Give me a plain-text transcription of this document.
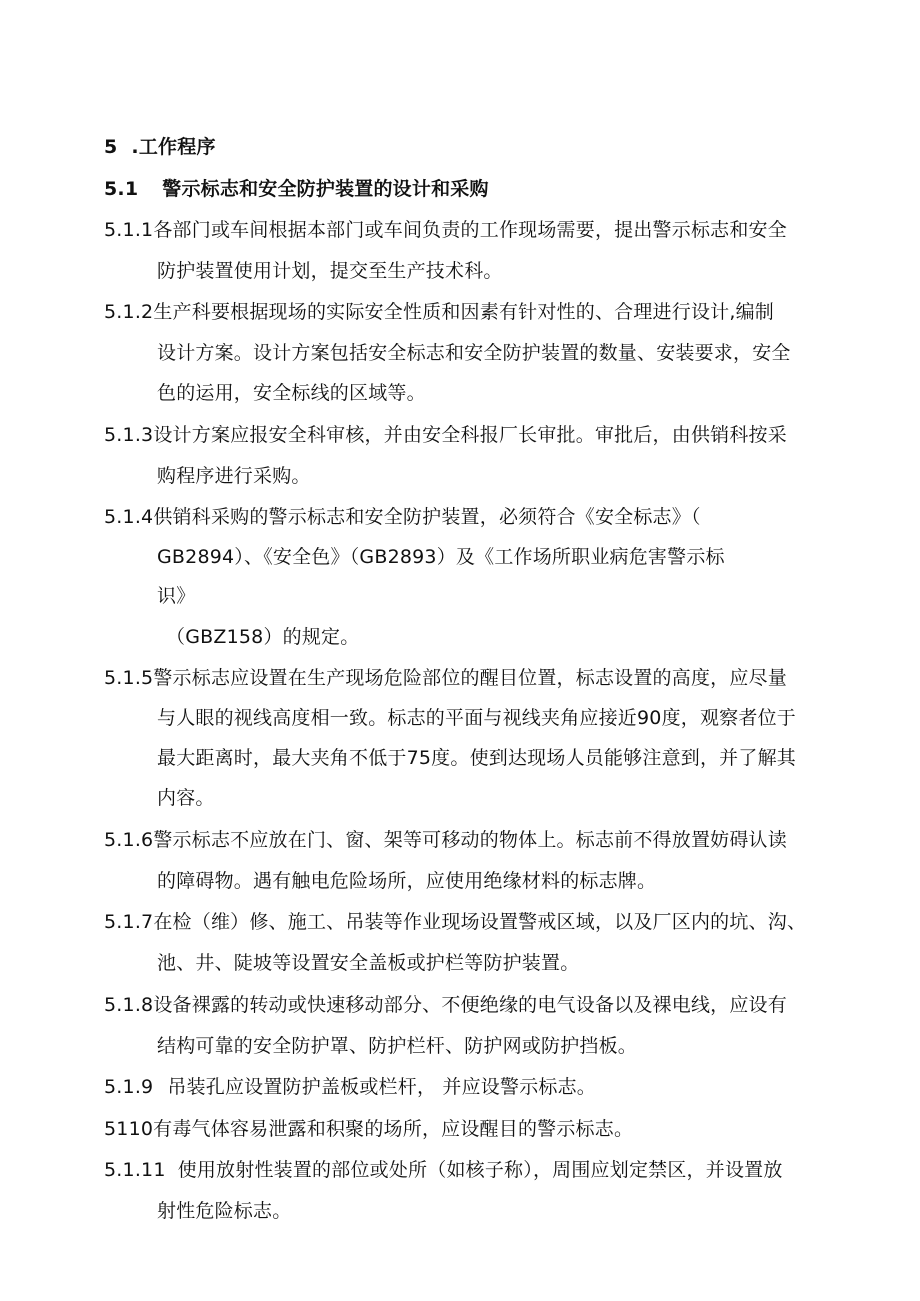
5 .工作程序
5.1 警示标志和安全防护装置的设计和采购
5.1.1各部门或车间根据本部门或车间负责的工作现场需要，提出警示标志和安全
防护装置使用计划，提交至生产技术科。
5.1.2生产科要根据现场的实际安全性质和因素有针对性的、合理进行设计,编制
设计方案。设计方案包括安全标志和安全防护装置的数量、安装要求，安全
色的运用，安全标线的区域等。
5.1.3设计方案应报安全科审核，并由安全科报厂长审批。审批后，由供销科按采
购程序进行采购。
5.1.4供销科采购的警示标志和安全防护装置，必须符合《安全标志》（
GB2894）、《安全色》（GB2893）及《工作场所职业病危害警示标
识》
（GBZ158）的规定。
5.1.5警示标志应设置在生产现场危险部位的醒目位置，标志设置的高度，应尽量
与人眼的视线高度相一致。标志的平面与视线夹角应接近90度，观察者位于
最大距离时，最大夹角不低于75度。使到达现场人员能够注意到，并了解其
内容。
5.1.6警示标志不应放在门、窗、架等可移动的物体上。标志前不得放置妨碍认读
的障碍物。遇有触电危险场所，应使用绝缘材料的标志牌。
5.1.7在检（维）修、施工、吊装等作业现场设置警戒区域，以及厂区内的坑、沟、
池、井、陡坡等设置安全盖板或护栏等防护装置。
5.1.8设备裸露的转动或快速移动部分、不便绝缘的电气设备以及裸电线，应设有
结构可靠的安全防护罩、防护栏杆、防护网或防护挡板。
5.1.9 吊装孔应设置防护盖板或栏杆， 并应设警示标志。
5110有毒气体容易泄露和积聚的场所，应设醒目的警示标志。
5.1.11 使用放射性装置的部位或处所（如核子称），周围应划定禁区，并设置放
射性危险标志。
